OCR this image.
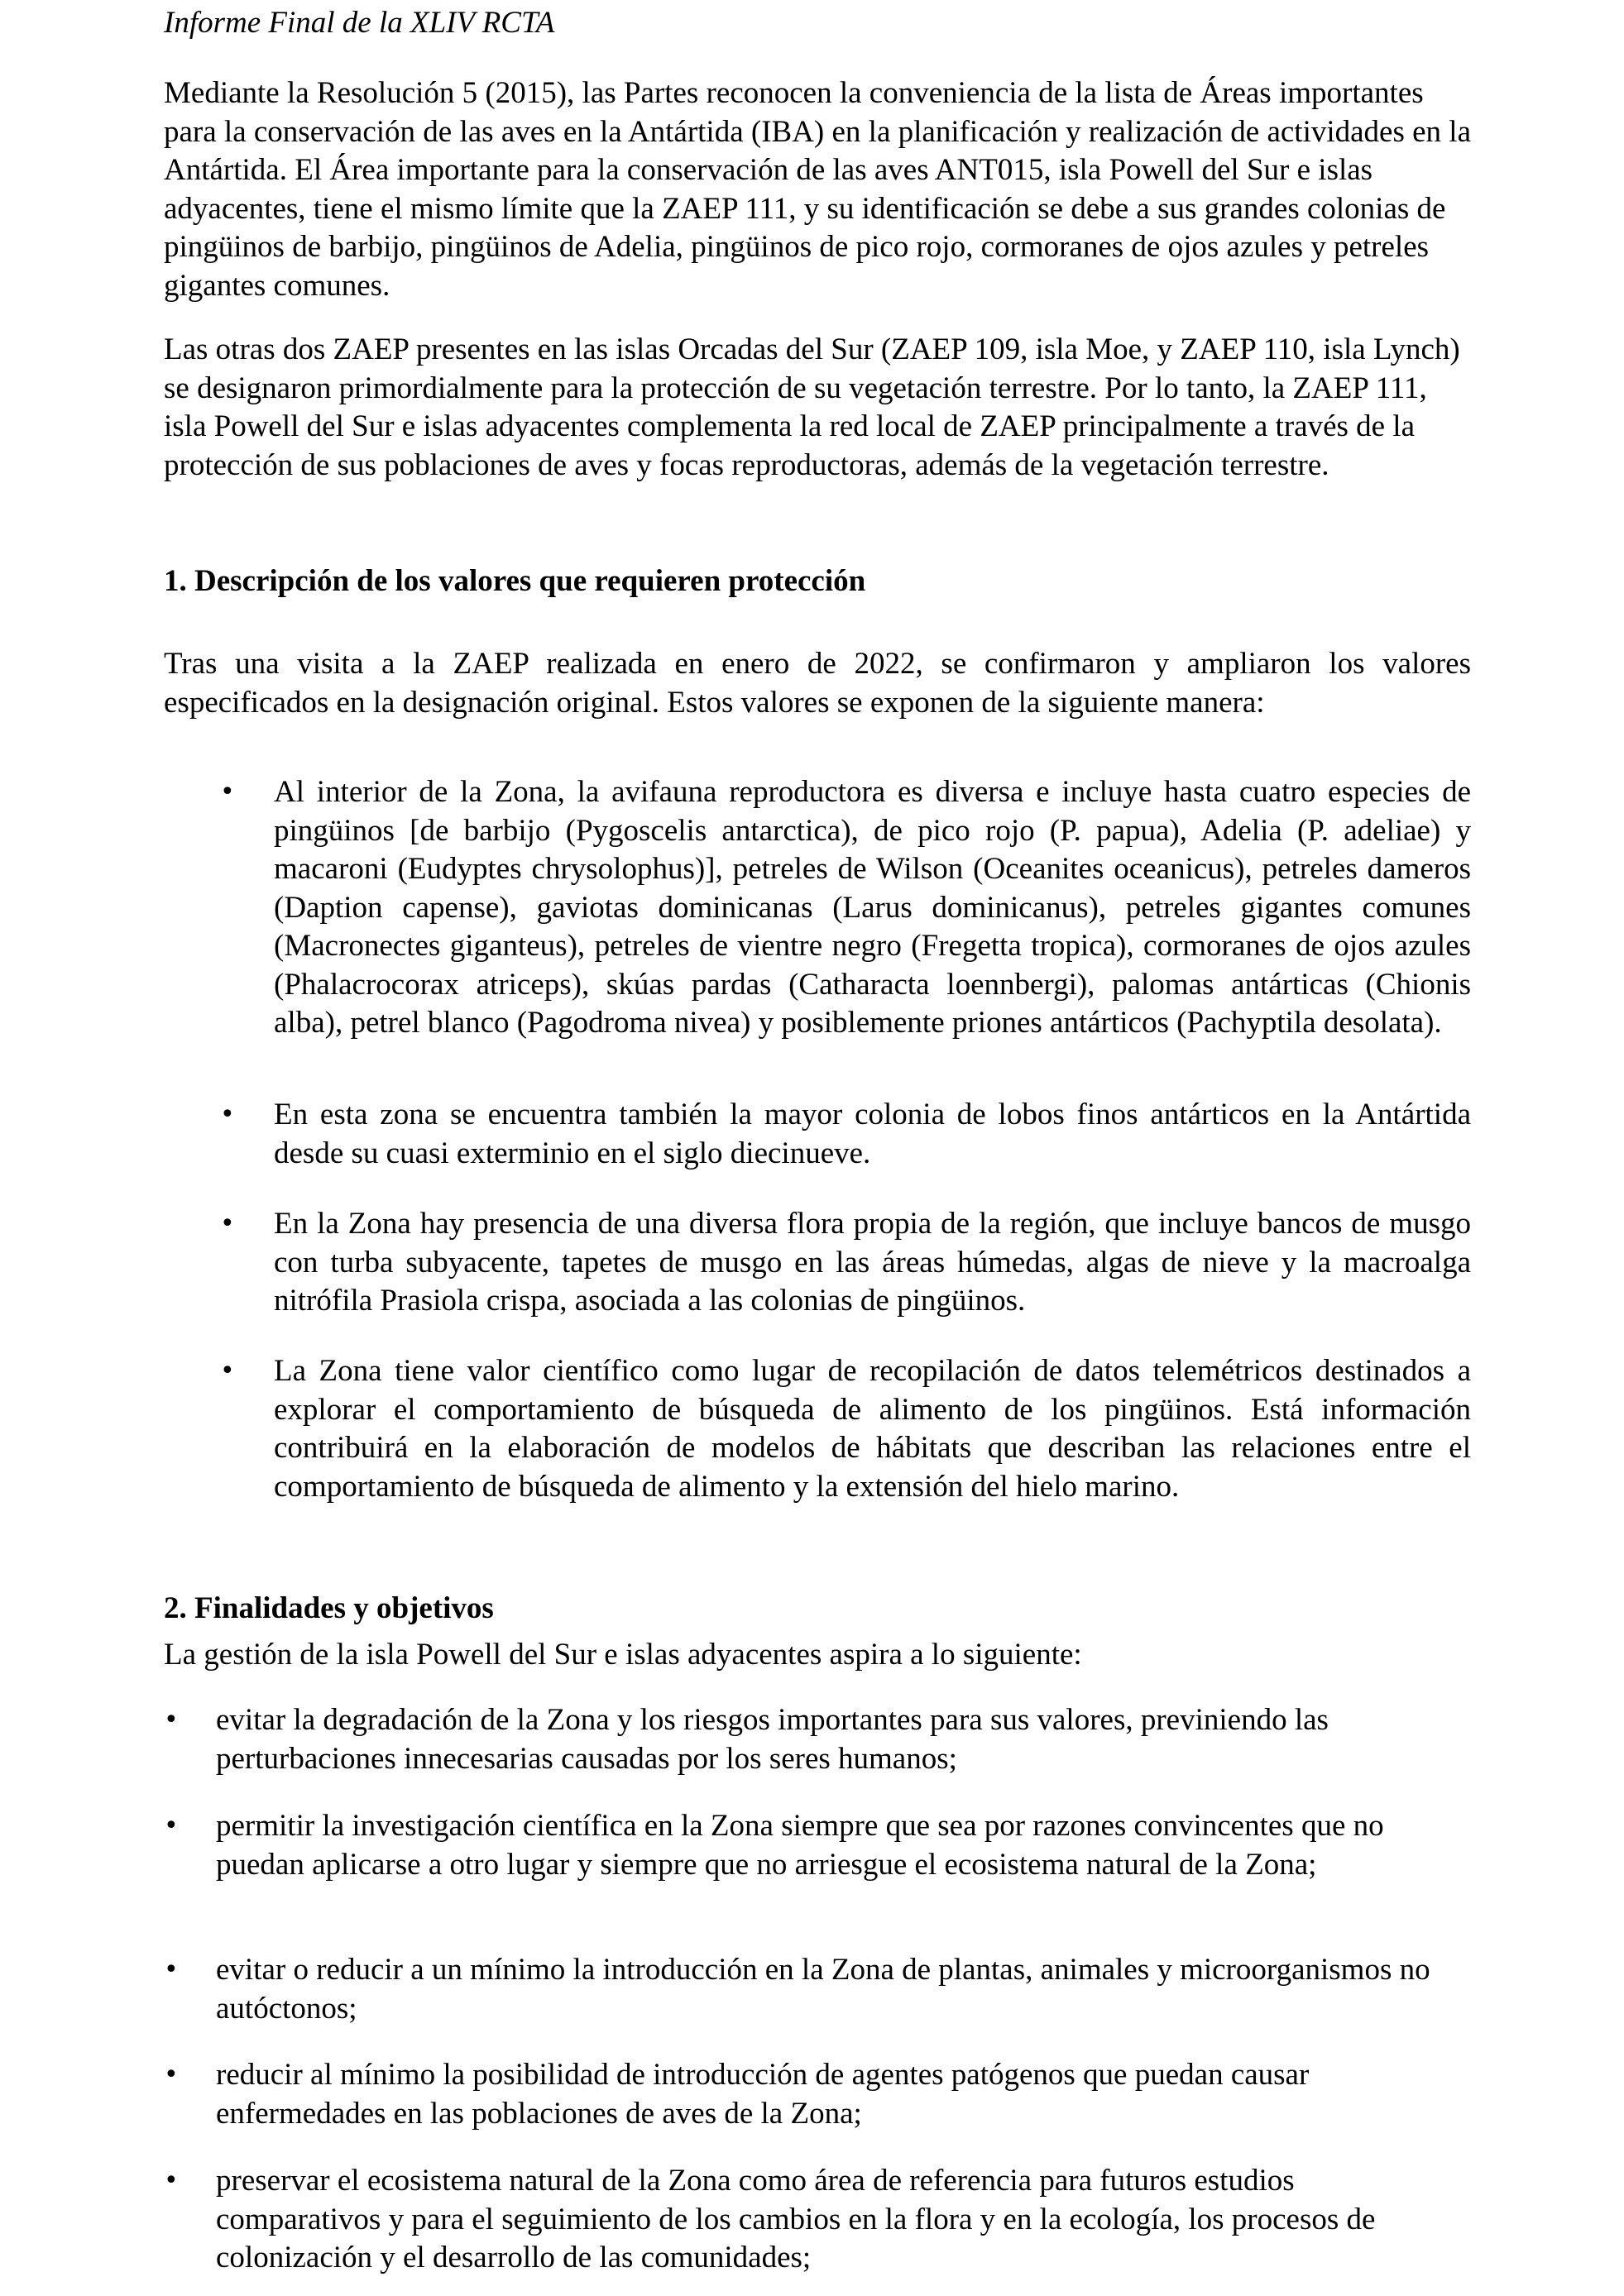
Informe Final de la XLIV RCTA

Mediante la Resolución 5 (2015), las Partes reconocen la conveniencia de la lista de Áreas importantes para la conservación de las aves en la Antártida (IBA) en la planificación y realización de actividades en la Antártida. El Área importante para la conservación de las aves ANT015, isla Powell del Sur e islas adyacentes, tiene el mismo límite que la ZAEP 111, y su identificación se debe a sus grandes colonias de pingüinos de barbijo, pingüinos de Adelia, pingüinos de pico rojo, cormoranes de ojos azules y petreles gigantes comunes.

Las otras dos ZAEP presentes en las islas Orcadas del Sur (ZAEP 109, isla Moe, y ZAEP 110, isla Lynch) se designaron primordialmente para la protección de su vegetación terrestre. Por lo tanto, la ZAEP 111, isla Powell del Sur e islas adyacentes complementa la red local de ZAEP principalmente a través de la protección de sus poblaciones de aves y focas reproductoras, además de la vegetación terrestre.

1. Descripción de los valores que requieren protección

Tras una visita a la ZAEP realizada en enero de 2022, se confirmaron y ampliaron los valores especificados en la designación original. Estos valores se exponen de la siguiente manera:

• Al interior de la Zona, la avifauna reproductora es diversa e incluye hasta cuatro especies de pingüinos [de barbijo (Pygoscelis antarctica), de pico rojo (P. papua), Adelia (P. adeliae) y macaroni (Eudyptes chrysolophus)], petreles de Wilson (Oceanites oceanicus), petreles dameros (Daption capense), gaviotas dominicanas (Larus dominicanus), petreles gigantes comunes (Macronectes giganteus), petreles de vientre negro (Fregetta tropica), cormoranes de ojos azules (Phalacrocorax atriceps), skúas pardas (Catharacta loennbergi), palomas antárticas (Chionis alba), petrel blanco (Pagodroma nivea) y posiblemente priones antárticos (Pachyptila desolata).
• En esta zona se encuentra también la mayor colonia de lobos finos antárticos en la Antártida desde su cuasi exterminio en el siglo diecinueve.
• En la Zona hay presencia de una diversa flora propia de la región, que incluye bancos de musgo con turba subyacente, tapetes de musgo en las áreas húmedas, algas de nieve y la macroalga nitrófila Prasiola crispa, asociada a las colonias de pingüinos.
• La Zona tiene valor científico como lugar de recopilación de datos telemétricos destinados a explorar el comportamiento de búsqueda de alimento de los pingüinos. Está información contribuirá en la elaboración de modelos de hábitats que describan las relaciones entre el comportamiento de búsqueda de alimento y la extensión del hielo marino.
2. Finalidades y objetivos

La gestión de la isla Powell del Sur e islas adyacentes aspira a lo siguiente:

• evitar la degradación de la Zona y los riesgos importantes para sus valores, previniendo las perturbaciones innecesarias causadas por los seres humanos;
• permitir la investigación científica en la Zona siempre que sea por razones convincentes que no puedan aplicarse a otro lugar y siempre que no arriesgue el ecosistema natural de la Zona;
• evitar o reducir a un mínimo la introducción en la Zona de plantas, animales y microorganismos no autóctonos;
• reducir al mínimo la posibilidad de introducción de agentes patógenos que puedan causar enfermedades en las poblaciones de aves de la Zona;
• preservar el ecosistema natural de la Zona como área de referencia para futuros estudios comparativos y para el seguimiento de los cambios en la flora y en la ecología, los procesos de colonización y el desarrollo de las comunidades;
